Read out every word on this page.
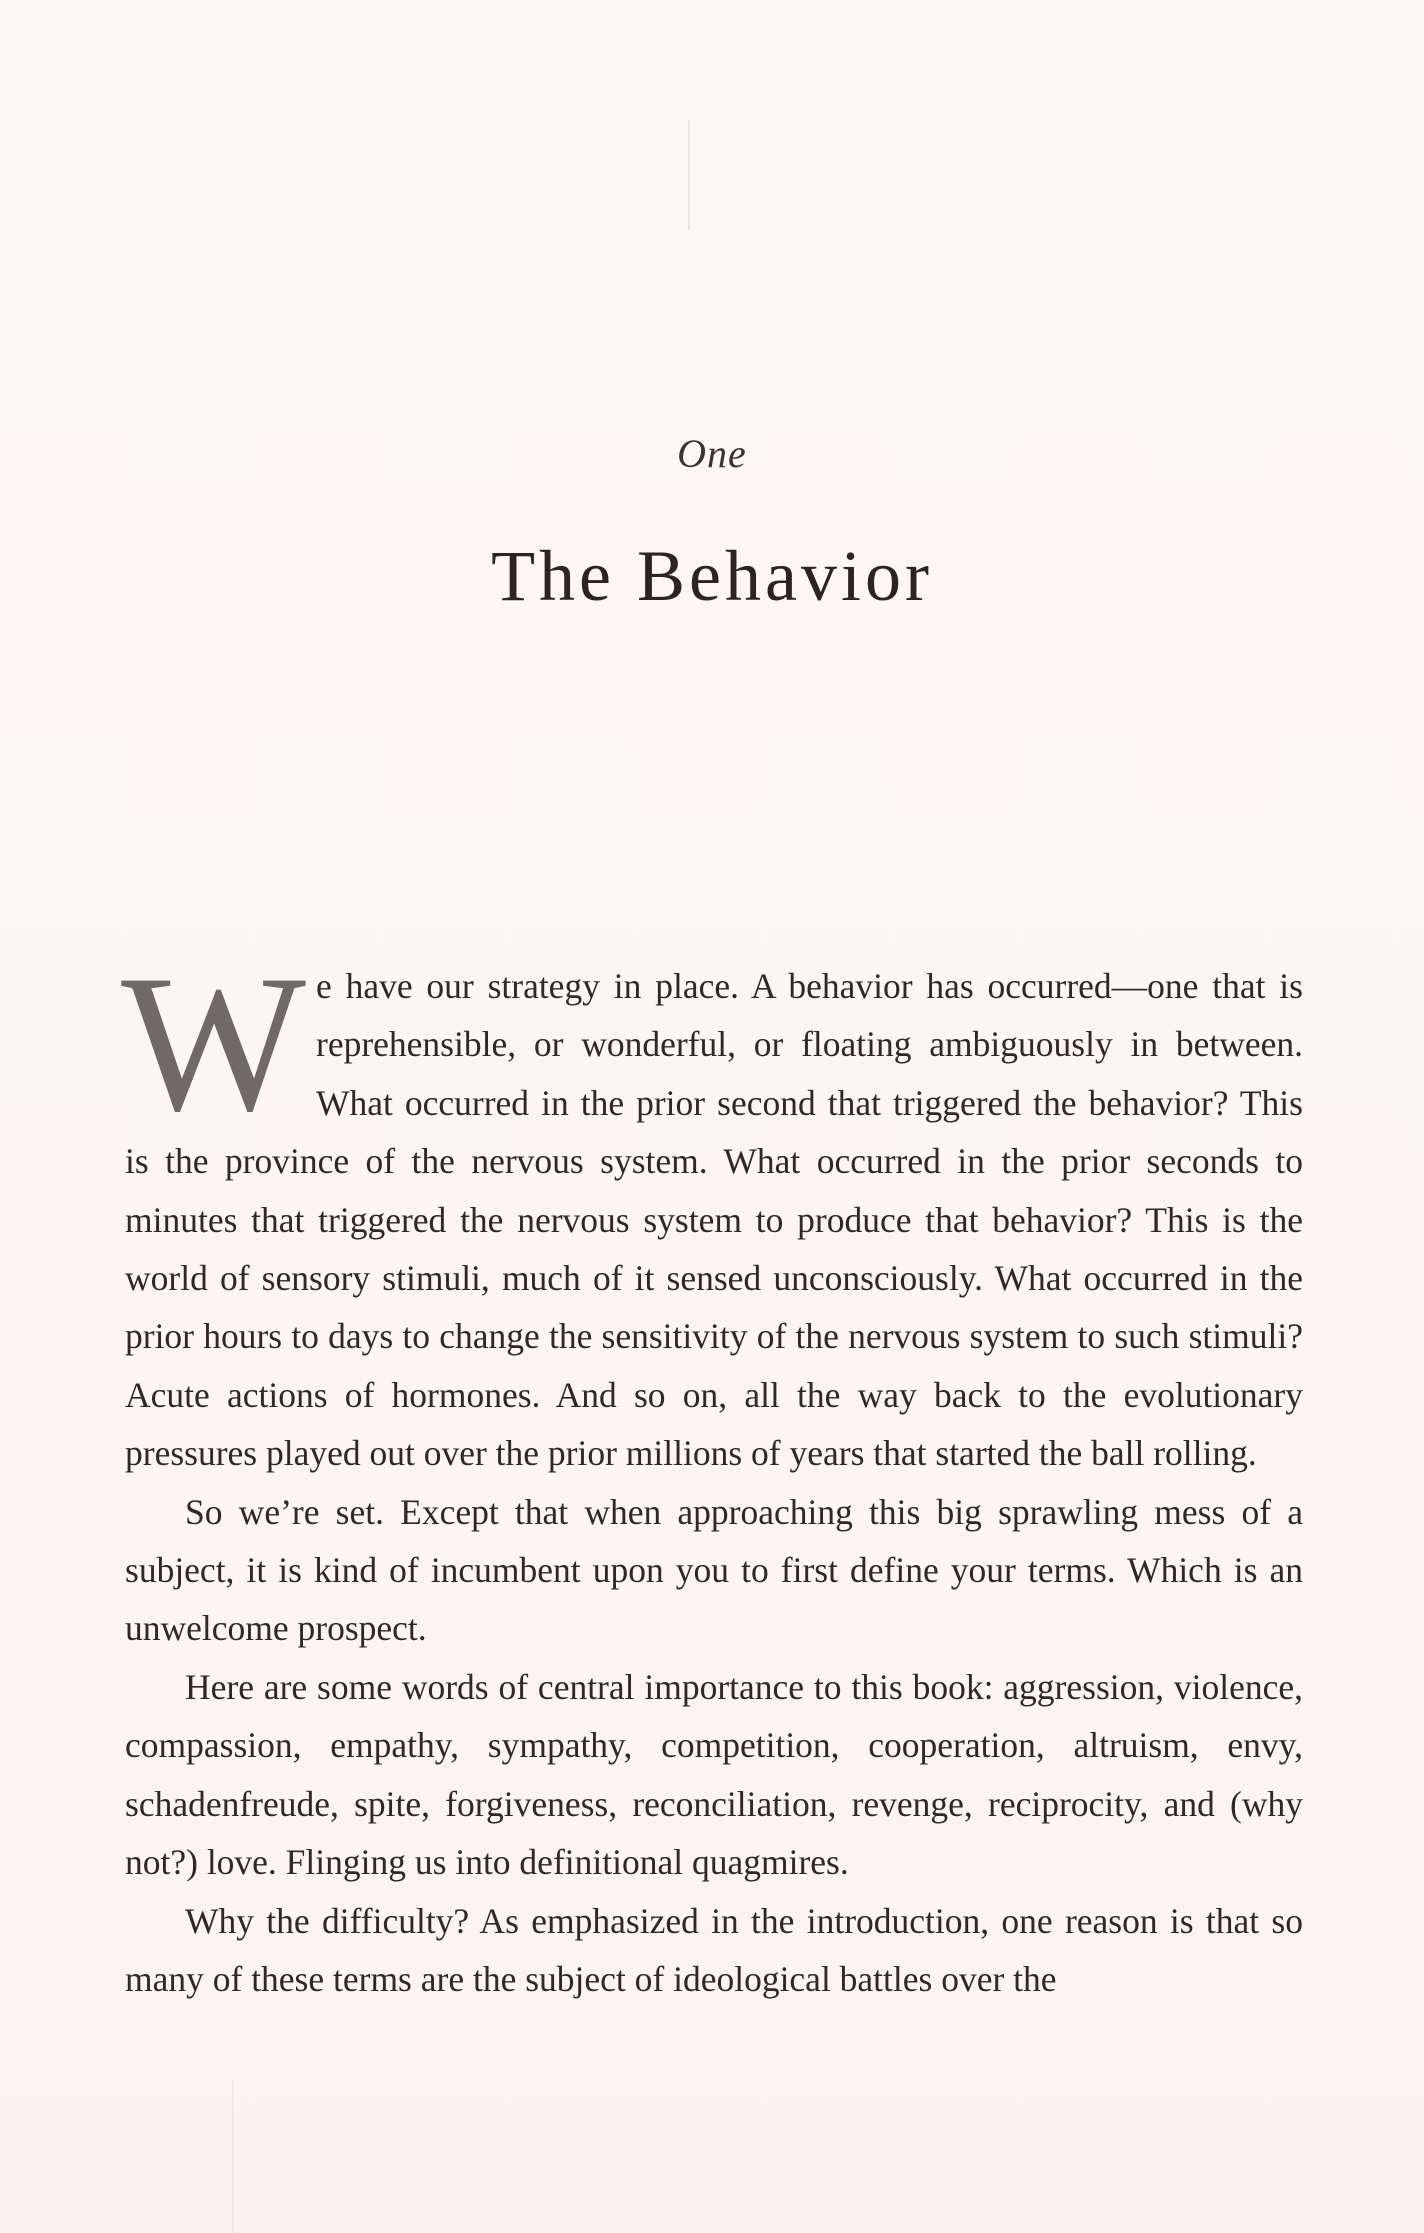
One
The Behavior

We have our strategy in place. A behavior has occurred—one that is reprehensible, or wonderful, or floating ambiguously in between. What occurred in the prior second that triggered the behavior? This is the province of the nervous system. What occurred in the prior seconds to minutes that triggered the nervous system to produce that behavior? This is the world of sensory stimuli, much of it sensed unconsciously. What occurred in the prior hours to days to change the sensitivity of the nervous system to such stimuli? Acute actions of hormones. And so on, all the way back to the evolutionary pressures played out over the prior millions of years that started the ball rolling.

So we’re set. Except that when approaching this big sprawling mess of a subject, it is kind of incumbent upon you to first define your terms. Which is an unwelcome prospect.

Here are some words of central importance to this book: aggression, violence, compassion, empathy, sympathy, competition, cooperation, altruism, envy, schadenfreude, spite, forgiveness, reconciliation, revenge, reciprocity, and (why not?) love. Flinging us into definitional quagmires.

Why the difficulty? As emphasized in the introduction, one reason is that so many of these terms are the subject of ideological battles over the
